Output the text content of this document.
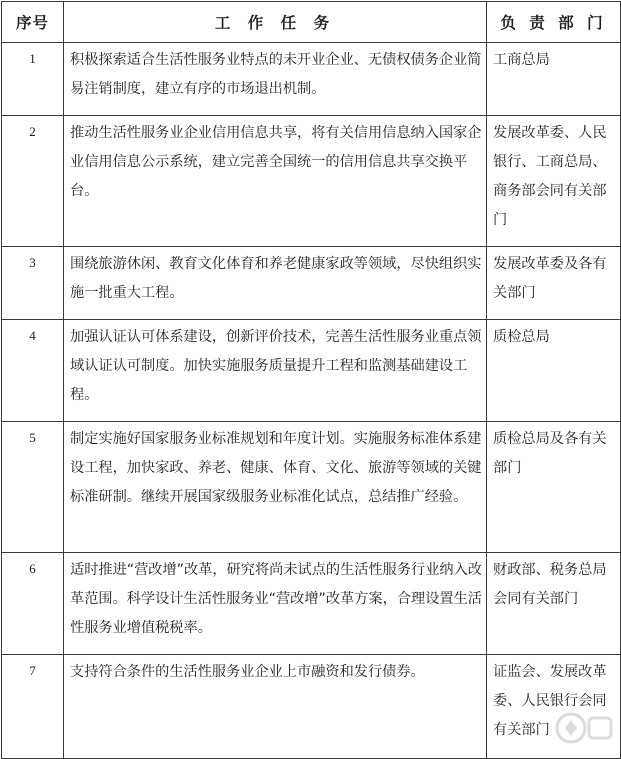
序号	工 作 任 务	负 责 部 门
1	积极探索适合生活性服务业特点的未开业企业、无债权债务企业简易注销制度，建立有序的市场退出机制。	工商总局
2	推动生活性服务业企业信用信息共享，将有关信用信息纳入国家企业信用信息公示系统，建立完善全国统一的信用信息共享交换平台。	发展改革委、人民银行、工商总局、商务部会同有关部门
3	围绕旅游休闲、教育文化体育和养老健康家政等领域，尽快组织实施一批重大工程。	发展改革委及各有关部门
4	加强认证认可体系建设，创新评价技术，完善生活性服务业重点领域认证认可制度。加快实施服务质量提升工程和监测基础建设工程。	质检总局
5	制定实施好国家服务业标准规划和年度计划。实施服务标准体系建设工程，加快家政、养老、健康、体育、文化、旅游等领域的关键标准研制。继续开展国家级服务业标准化试点，总结推广经验。	质检总局及各有关部门
6	适时推进“营改增”改革，研究将尚未试点的生活性服务行业纳入改革范围。科学设计生活性服务业“营改增”改革方案，合理设置生活性服务业增值税税率。	财政部、税务总局会同有关部门
7	支持符合条件的生活性服务业企业上市融资和发行债券。	证监会、发展改革委、人民银行会同有关部门
